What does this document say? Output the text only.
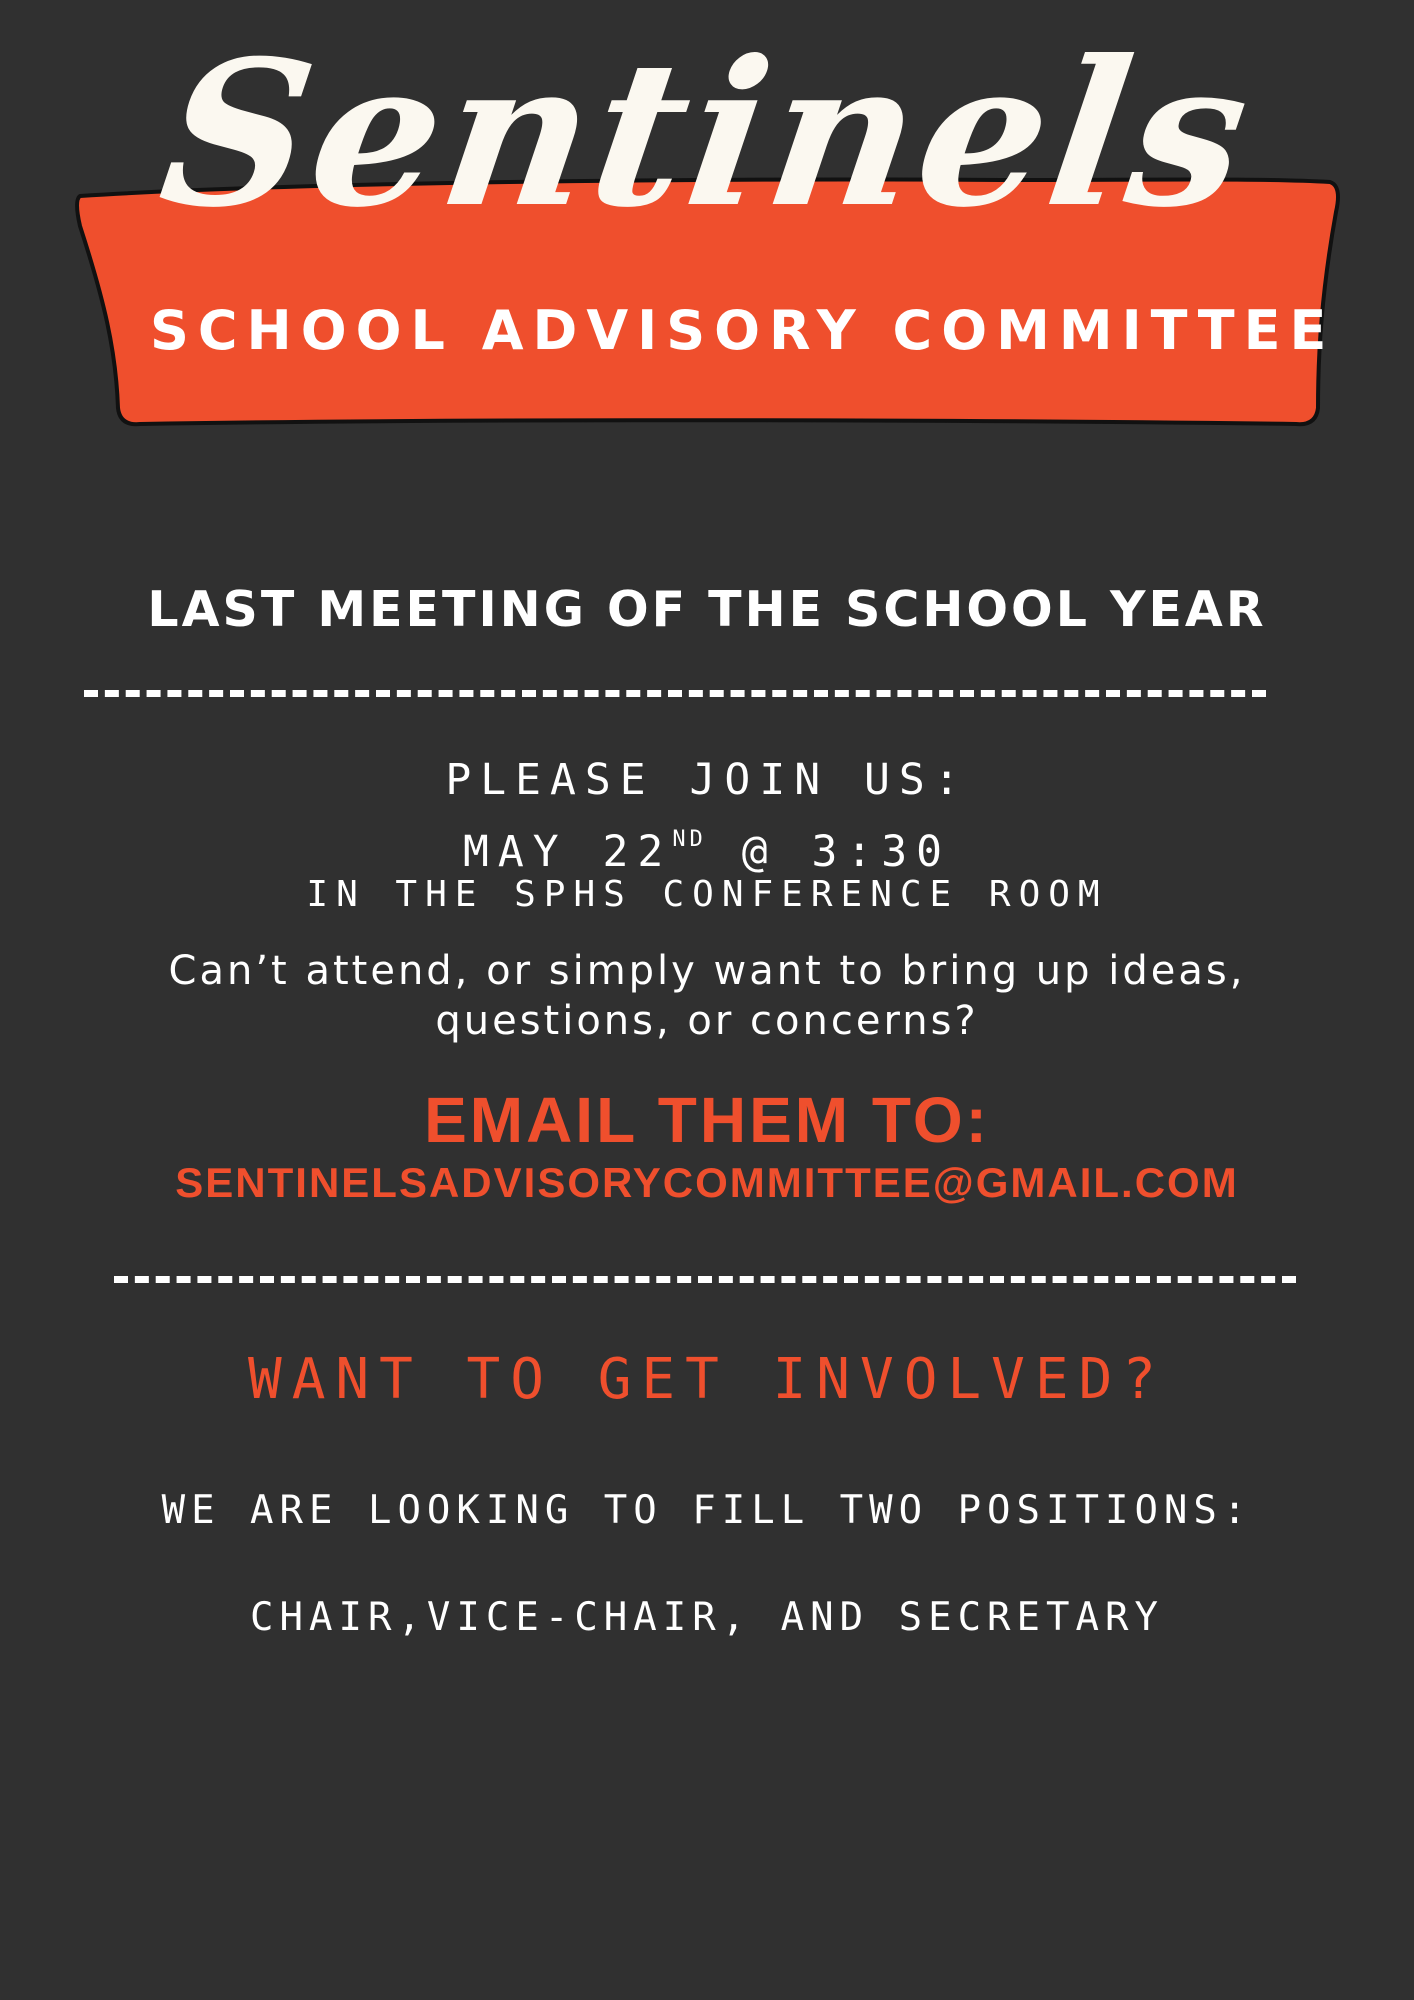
Sentinels
SCHOOL ADVISORY COMMITTEE
LAST MEETING OF THE SCHOOL YEAR
PLEASE JOIN US:
MAY 22ND @ 3:30
IN THE SPHS CONFERENCE ROOM
Can’t attend, or simply want to bring up ideas,
questions, or concerns?
EMAIL THEM TO:
SENTINELSADVISORYCOMMITTEE@GMAIL.COM
WANT TO GET INVOLVED?
WE ARE LOOKING TO FILL TWO POSITIONS:
CHAIR,VICE-CHAIR, AND SECRETARY
